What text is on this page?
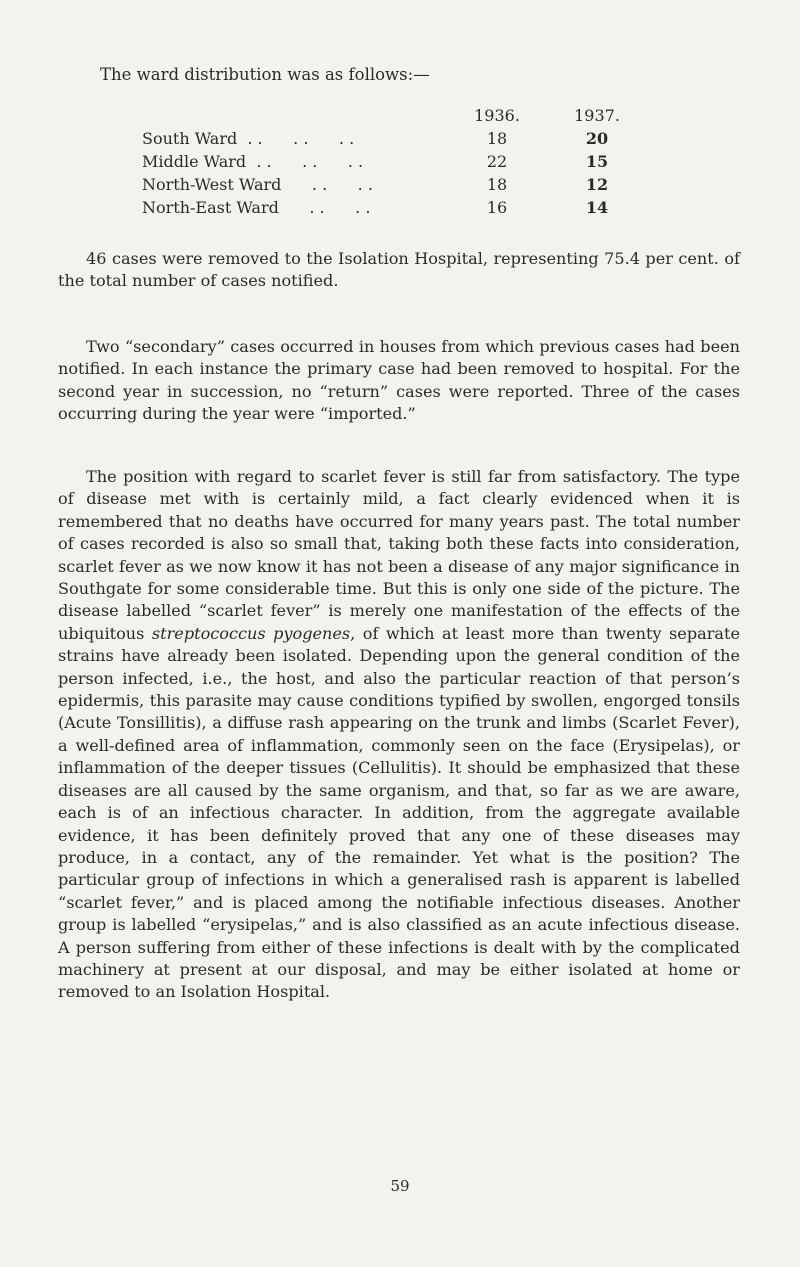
The ward distribution was as follows:—
1936.	1937.
South Ward  . .      . .      . .	18	20
Middle Ward  . .      . .      . .	22	15
North-West Ward      . .      . .	18	12
North-East Ward      . .      . .	16	14

46 cases were removed to the Isolation Hospital, representing 75.4 per cent. of the total number of cases notified.

Two “secondary” cases occurred in houses from which previous cases had been notified. In each instance the primary case had been removed to hospital. For the second year in succession, no “return” cases were reported. Three of the cases occurring during the year were “imported.”

The position with regard to scarlet fever is still far from satisfactory. The type of disease met with is certainly mild, a fact clearly evidenced when it is remembered that no deaths have occurred for many years past. The total number of cases recorded is also so small that, taking both these facts into consideration, scarlet fever as we now know it has not been a disease of any major significance in Southgate for some considerable time. But this is only one side of the picture. The disease labelled “scarlet fever” is merely one manifestation of the effects of the ubiquitous streptococcus pyogenes, of which at least more than twenty separate strains have already been isolated. Depending upon the general condition of the person infected, i.e., the host, and also the particular reaction of that person’s epidermis, this parasite may cause conditions typified by swollen, engorged tonsils (Acute Tonsillitis), a diffuse rash appearing on the trunk and limbs (Scarlet Fever), a well-defined area of inflammation, commonly seen on the face (Erysipelas), or inflammation of the deeper tissues (Cellulitis). It should be emphasized that these diseases are all caused by the same organism, and that, so far as we are aware, each is of an infectious character. In addition, from the aggregate available evidence, it has been definitely proved that any one of these diseases may produce, in a contact, any of the remainder. Yet what is the position? The particular group of infections in which a generalised rash is apparent is labelled “scarlet fever,” and is placed among the notifiable infectious diseases. Another group is labelled “erysipelas,” and is also classified as an acute infectious disease. A person suffering from either of these infections is dealt with by the complicated machinery at present at our disposal, and may be either isolated at home or removed to an Isolation Hospital.

59
